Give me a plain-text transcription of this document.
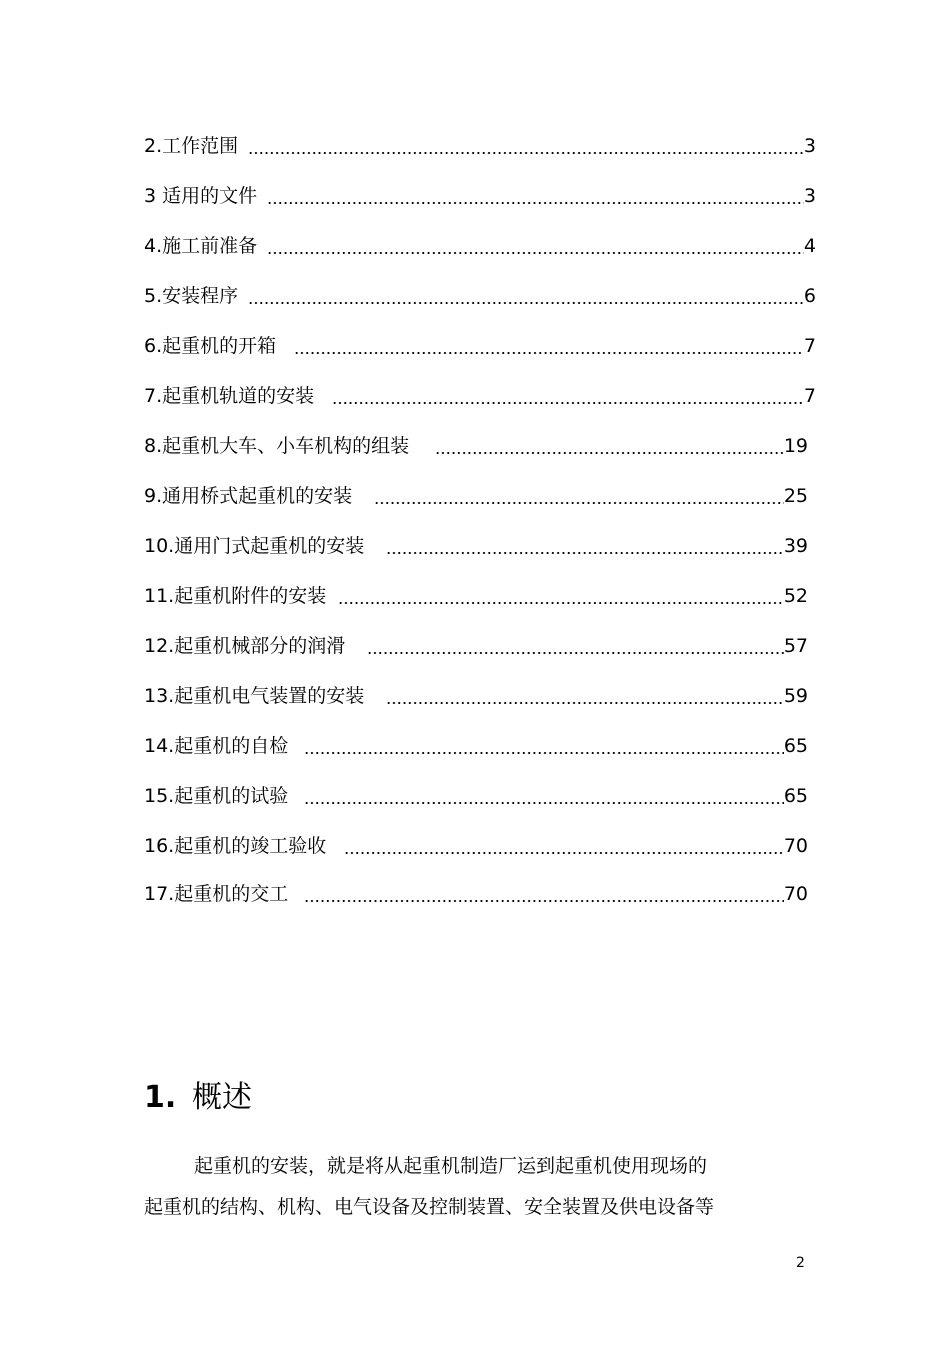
2.工作范围	3
3 适用的文件	3
4.施工前准备	4
5.安装程序	6
6.起重机的开箱	7
7.起重机轨道的安装	7
8.起重机大车、小车机构的组装	19
9.通用桥式起重机的安装	25
10.通用门式起重机的安装	39
11.起重机附件的安装	52
12.起重机械部分的润滑	57
13.起重机电气装置的安装	59
14.起重机的自检	65
15.起重机的试验	65
16.起重机的竣工验收	70
17.起重机的交工	70
1. 概述
起重机的安装，就是将从起重机制造厂运到起重机使用现场的
起重机的结构、机构、电气设备及控制装置、安全装置及供电设备等
2
